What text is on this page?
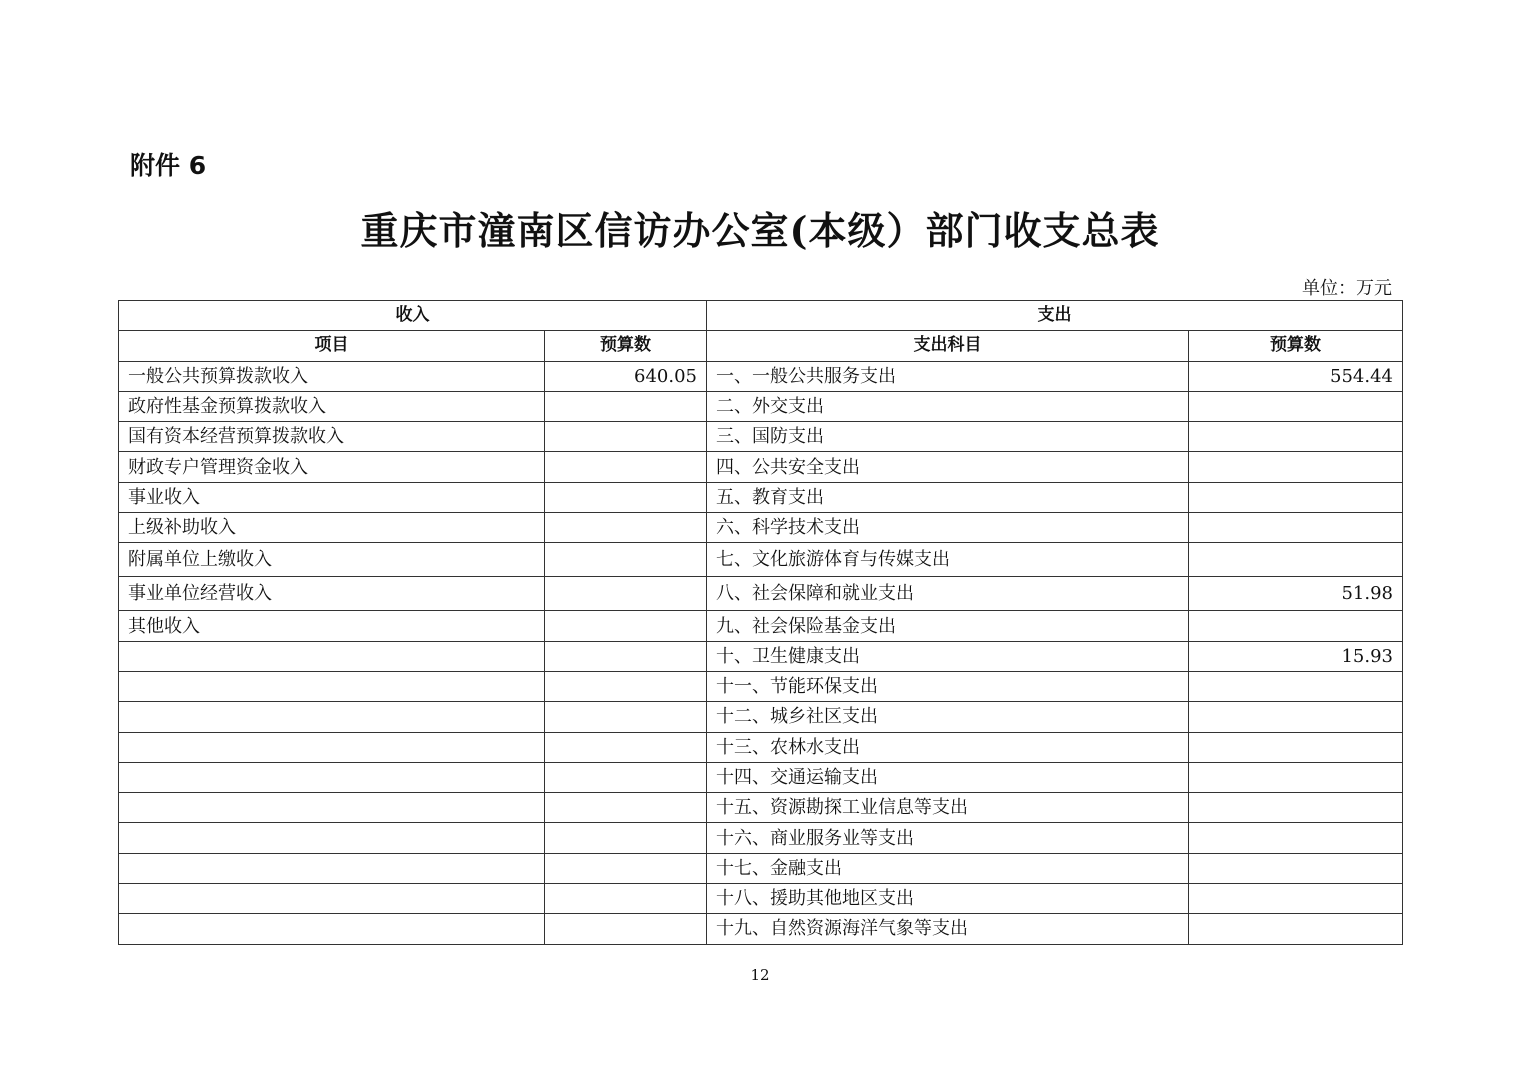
附件 6
重庆市潼南区信访办公室(本级）部门收支总表
单位：万元
收入		支出	
项目	预算数	支出科目	预算数
一般公共预算拨款收入	640.05	一、一般公共服务支出	554.44
政府性基金预算拨款收入		二、外交支出	
国有资本经营预算拨款收入		三、国防支出	
财政专户管理资金收入		四、公共安全支出	
事业收入		五、教育支出	
上级补助收入		六、科学技术支出	
附属单位上缴收入		七、文化旅游体育与传媒支出	
事业单位经营收入		八、社会保障和就业支出	51.98
其他收入		九、社会保险基金支出	
		十、卫生健康支出	15.93
		十一、节能环保支出	
		十二、城乡社区支出	
		十三、农林水支出	
		十四、交通运输支出	
		十五、资源勘探工业信息等支出	
		十六、商业服务业等支出	
		十七、金融支出	
		十八、援助其他地区支出	
		十九、自然资源海洋气象等支出	
12
